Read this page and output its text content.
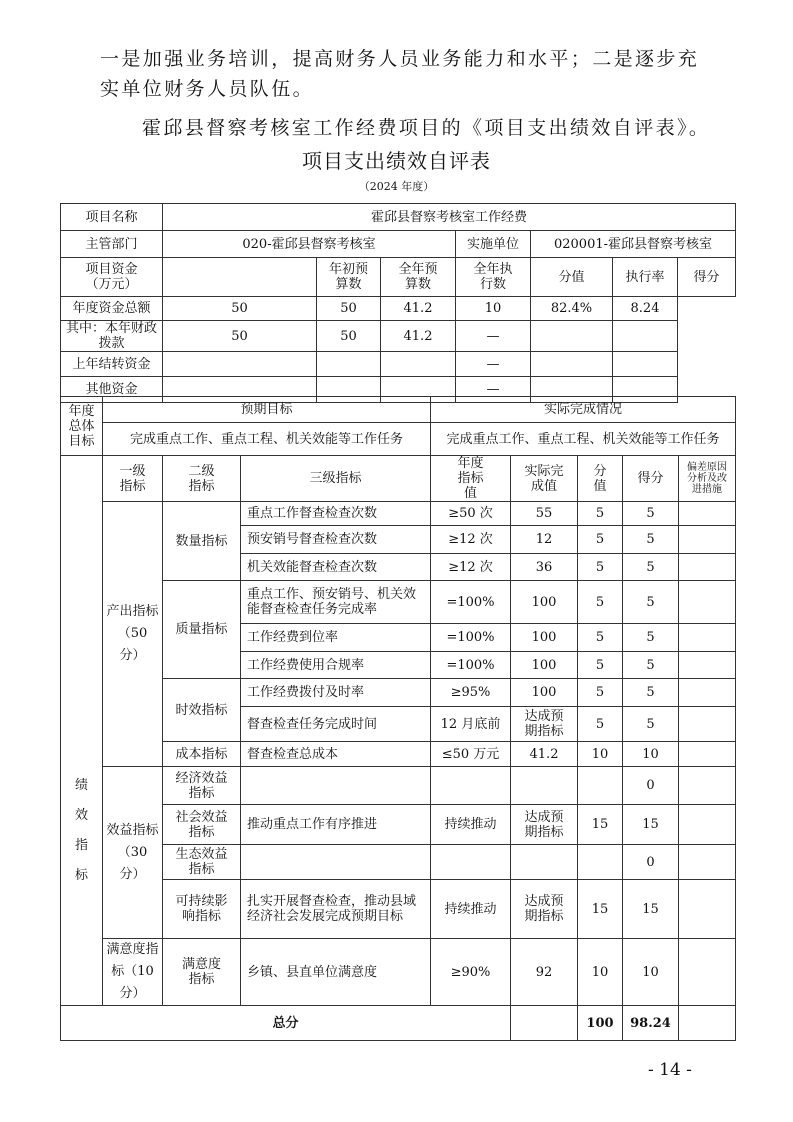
一是加强业务培训，提高财务人员业务能力和水平；二是逐步充实单位财务人员队伍。
霍邱县督察考核室工作经费项目的《项目支出绩效自评表》。
项目支出绩效自评表
（2024 年度）
项目名称	霍邱县督察考核室工作经费						
主管部门	020-霍邱县督察考核室			实施单位	020001-霍邱县督察考核室		

项目资金（万元）		年初预算数	全年预算数	全年执行数	分值	执行率	得分
年度资金总额	50	50	41.2	10	82.4%	8.24	
其中：本年财政拨款	50	50	41.2	—			
上年结转资金				—			
其他资金				—			
年度总体目标	预期目标	实际完成情况
	完成重点工作、重点工程、机关效能等工作任务	完成重点工作、重点工程、机关效能等工作任务
绩效指标	一级指标	二级指标	三级指标	年度指标值	实际完成值	分值	得分	偏差原因分析及改进措施

	产出指标（50 分）	数量指标	重点工作督查检查次数	≥50 次	55	5	5	
			预安销号督查检查次数	≥12 次	12	5	5	
			机关效能督查检查次数	≥12 次	36	5	5	

		质量指标	重点工作、预安销号、机关效能督查检查任务完成率	=100%	100	5	5	
			工作经费到位率	=100%	100	5	5	
			工作经费使用合规率	=100%	100	5	5	

		时效指标	工作经费拨付及时率	≥95%	100	5	5	
			督查检查任务完成时间	12 月底前	达成预期指标	5	5	

		成本指标	督查检查总成本	≤50 万元	41.2	10	10	

	效益指标（30 分）	经济效益指标					0	

		社会效益指标	推动重点工作有序推进	持续推动	达成预期指标	15	15	

		生态效益指标					0	

		可持续影响指标	扎实开展督查检查，推动县域经济社会发展完成预期目标	持续推动	达成预期指标	15	15	

	满意度指标（10 分）	满意度指标	乡镇、县直单位满意度	≥90%	92	10	10	
总分						100	98.24	
- 14 -
